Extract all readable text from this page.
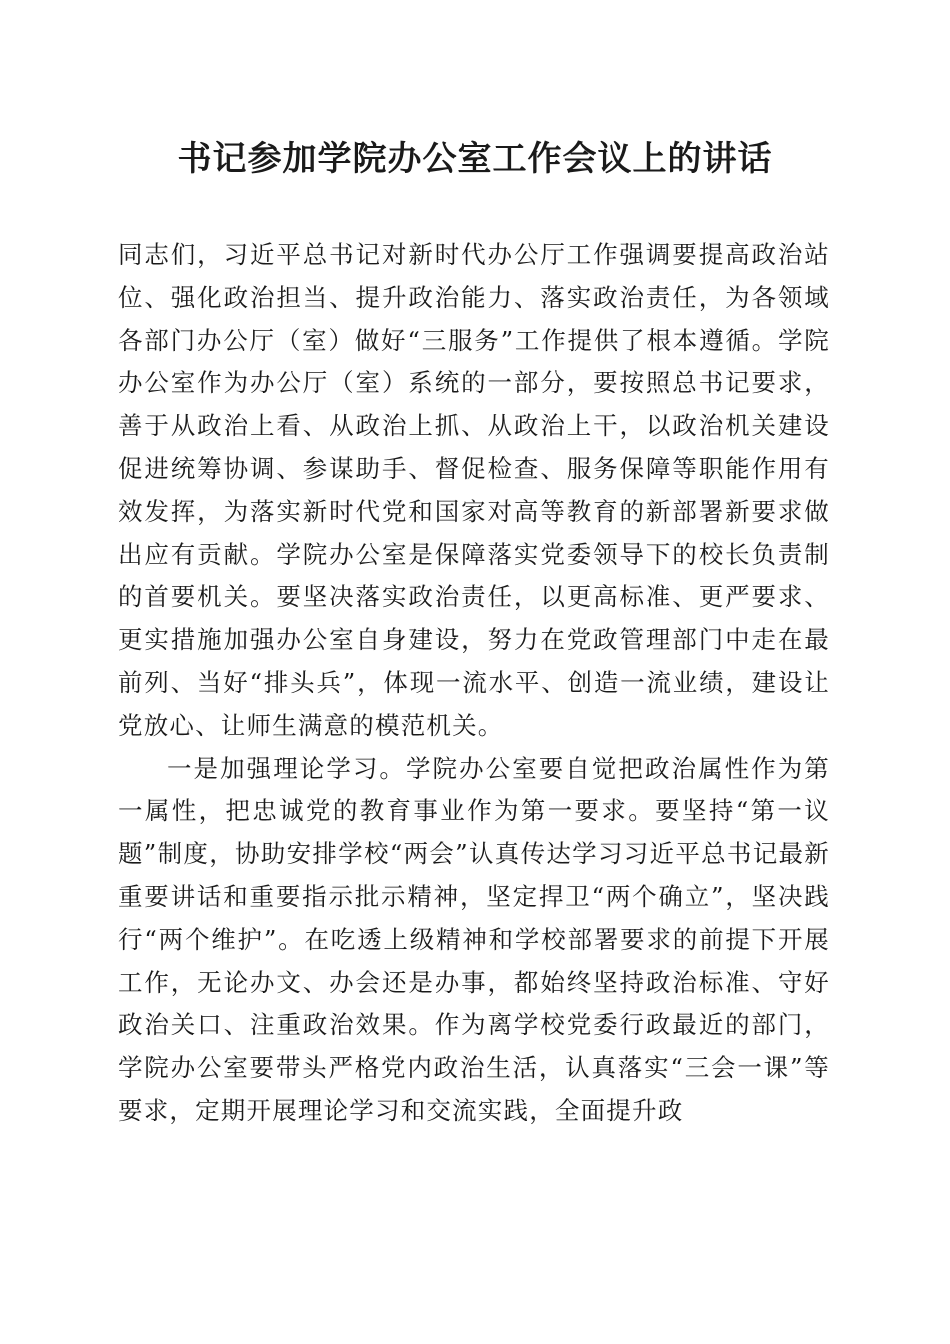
书记参加学院办公室工作会议上的讲话

同志们，习近平总书记对新时代办公厅工作强调要提高政治站位、强化政治担当、提升政治能力、落实政治责任，为各领域各部门办公厅（室）做好“三服务”工作提供了根本遵循。学院办公室作为办公厅（室）系统的一部分，要按照总书记要求，善于从政治上看、从政治上抓、从政治上干，以政治机关建设促进统筹协调、参谋助手、督促检查、服务保障等职能作用有效发挥，为落实新时代党和国家对高等教育的新部署新要求做出应有贡献。学院办公室是保障落实党委领导下的校长负责制的首要机关。要坚决落实政治责任，以更高标准、更严要求、更实措施加强办公室自身建设，努力在党政管理部门中走在最前列、当好“排头兵”，体现一流水平、创造一流业绩，建设让党放心、让师生满意的模范机关。

一是加强理论学习。学院办公室要自觉把政治属性作为第一属性，把忠诚党的教育事业作为第一要求。要坚持“第一议题”制度，协助安排学校“两会”认真传达学习习近平总书记最新重要讲话和重要指示批示精神，坚定捍卫“两个确立”，坚决践行“两个维护”。在吃透上级精神和学校部署要求的前提下开展工作，无论办文、办会还是办事，都始终坚持政治标准、守好政治关口、注重政治效果。作为离学校党委行政最近的部门，学院办公室要带头严格党内政治生活，认真落实“三会一课”等要求，定期开展理论学习和交流实践，全面提升政
